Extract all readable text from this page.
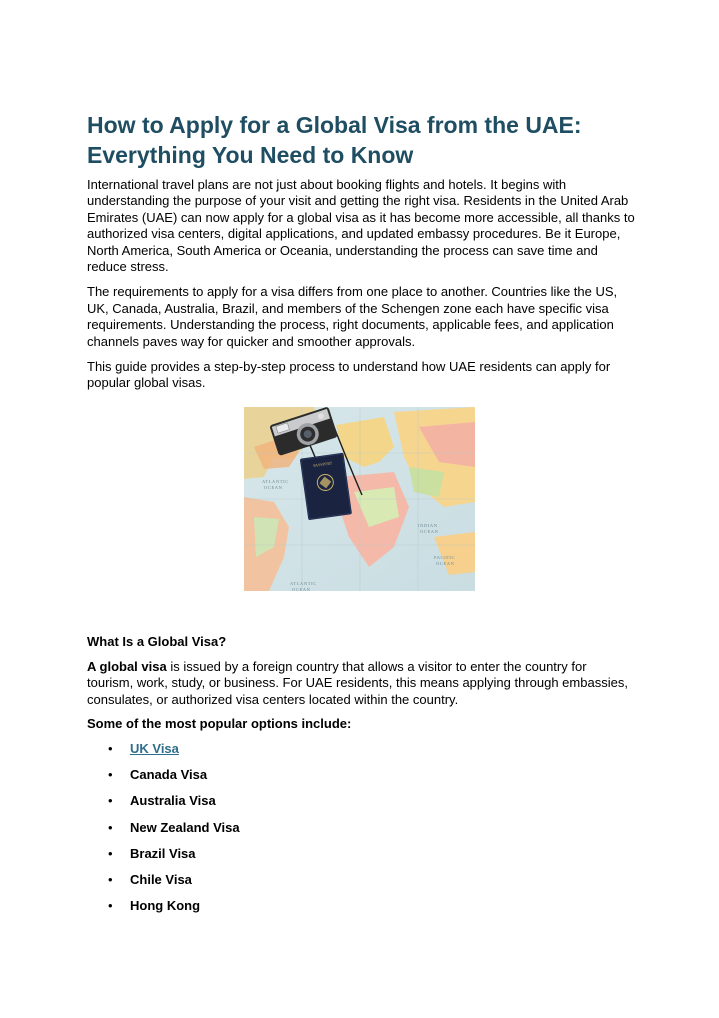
How to Apply for a Global Visa from the UAE:
Everything You Need to Know

International travel plans are not just about booking flights and hotels. It begins with understanding the purpose of your visit and getting the right visa. Residents in the United Arab Emirates (UAE) can now apply for a global visa as it has become more accessible, all thanks to authorized visa centers, digital applications, and updated embassy procedures. Be it Europe, North America, South America or Oceania, understanding the process can save time and reduce stress.

The requirements to apply for a visa differs from one place to another. Countries like the US, UK, Canada, Australia, Brazil, and members of the Schengen zone each have specific visa requirements. Understanding the process, right documents, applicable fees, and application channels paves way for quicker and smoother approvals.

This guide provides a step-by-step process to understand how UAE residents can apply for popular global visas.

ATLANTIC
OCEAN
INDIAN
OCEAN
ATLANTIC
OCEAN
PACIFIC
OCEAN
PASSPORT
What Is a Global Visa?

A global visa is issued by a foreign country that allows a visitor to enter the country for tourism, work, study, or business. For UAE residents, this means applying through embassies, consulates, or authorized visa centers located within the country.

Some of the most popular options include:

• UK Visa
• Canada Visa
• Australia Visa
• New Zealand Visa
• Brazil Visa
• Chile Visa
• Hong Kong
